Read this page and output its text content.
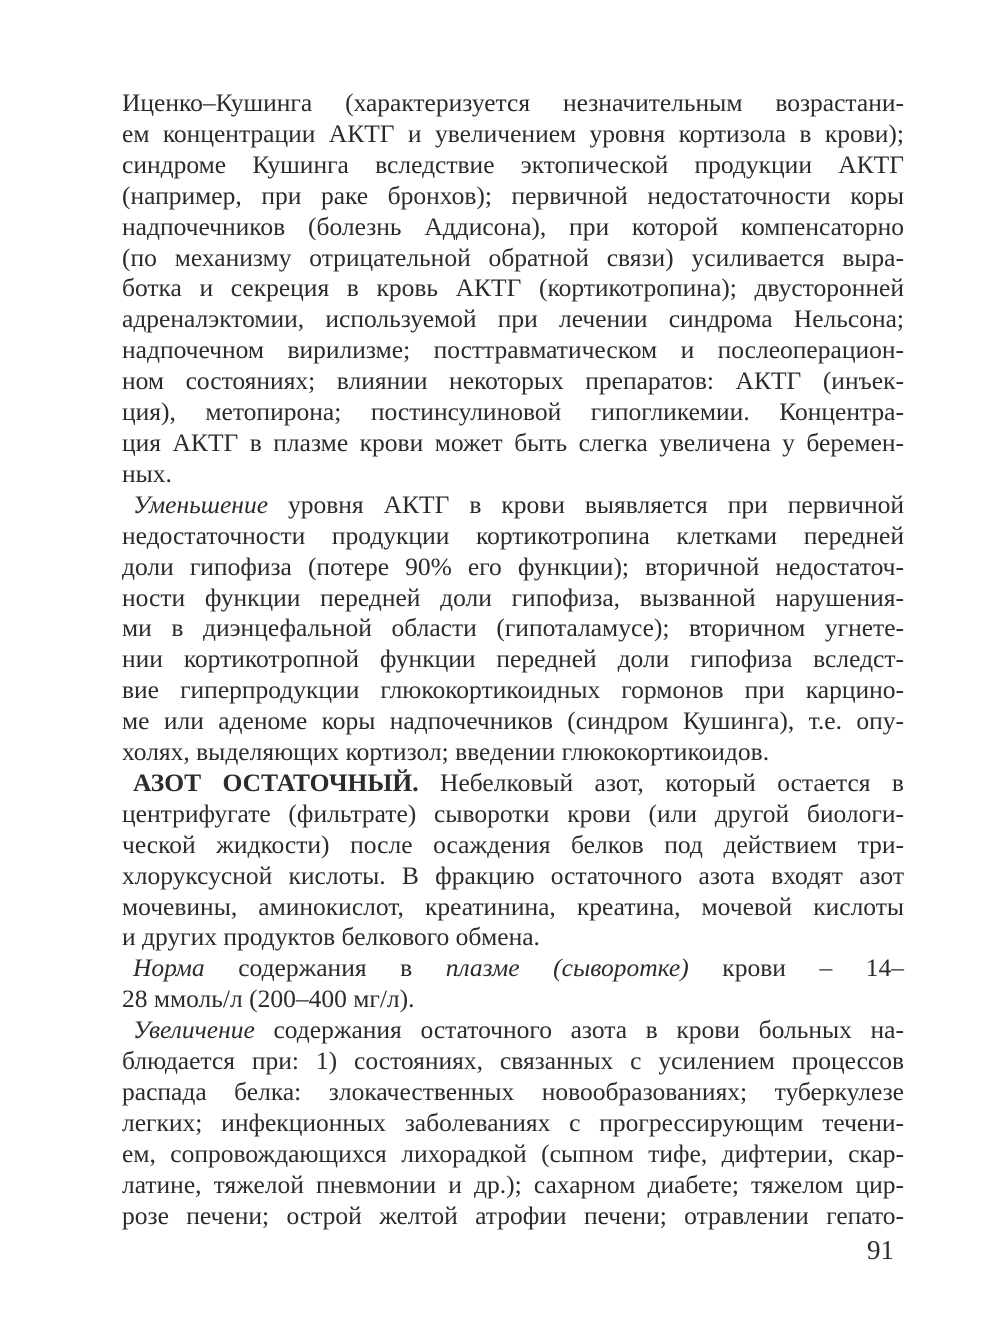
Иценко–Кушинга (характеризуется незначительным возрастани-
ем концентрации АКТГ и увеличением уровня кортизола в крови);
синдроме Кушинга вследствие эктопической продукции АКТГ
(например, при раке бронхов); первичной недостаточности коры
надпочечников (болезнь Аддисона), при которой компенсаторно
(по механизму отрицательной обратной связи) усиливается выра-
ботка и секреция в кровь АКТГ (кортикотропина); двусторонней
адреналэктомии, используемой при лечении синдрома Нельсона;
надпочечном вирилизме; посттравматическом и послеоперацион-
ном состояниях; влиянии некоторых препаратов: АКТГ (инъек-
ция), метопирона; постинсулиновой гипогликемии. Концентра-
ция АКТГ в плазме крови может быть слегка увеличена у беремен-
ных.

Уменьшение уровня АКТГ в крови выявляется при первичной
недостаточности продукции кортикотропина клетками передней
доли гипофиза (потере 90% его функции); вторичной недостаточ-
ности функции передней доли гипофиза, вызванной нарушения-
ми в диэнцефальной области (гипоталамусе); вторичном угнете-
нии кортикотропной функции передней доли гипофиза вследст-
вие гиперпродукции глюкокортикоидных гормонов при карцино-
ме или аденоме коры надпочечников (синдром Кушинга), т.е. опу-
холях, выделяющих кортизол; введении глюкокортикоидов.

АЗОТ ОСТАТОЧНЫЙ. Небелковый азот, который остается в
центрифугате (фильтрате) сыворотки крови (или другой биологи-
ческой жидкости) после осаждения белков под действием три-
хлоруксусной кислоты. В фракцию остаточного азота входят азот
мочевины, аминокислот, креатинина, креатина, мочевой кислоты
и других продуктов белкового обмена.

Норма содержания в плазме (сыворотке) крови – 14–
28 ммоль/л (200–400 мг/л).

Увеличение содержания остаточного азота в крови больных на-
блюдается при: 1) состояниях, связанных с усилением процессов
распада белка: злокачественных новообразованиях; туберкулезе
легких; инфекционных заболеваниях с прогрессирующим течени-
ем, сопровождающихся лихорадкой (сыпном тифе, дифтерии, скар-
латине, тяжелой пневмонии и др.); сахарном диабете; тяжелом цир-
розе печени; острой желтой атрофии печени; отравлении гепато-

91
